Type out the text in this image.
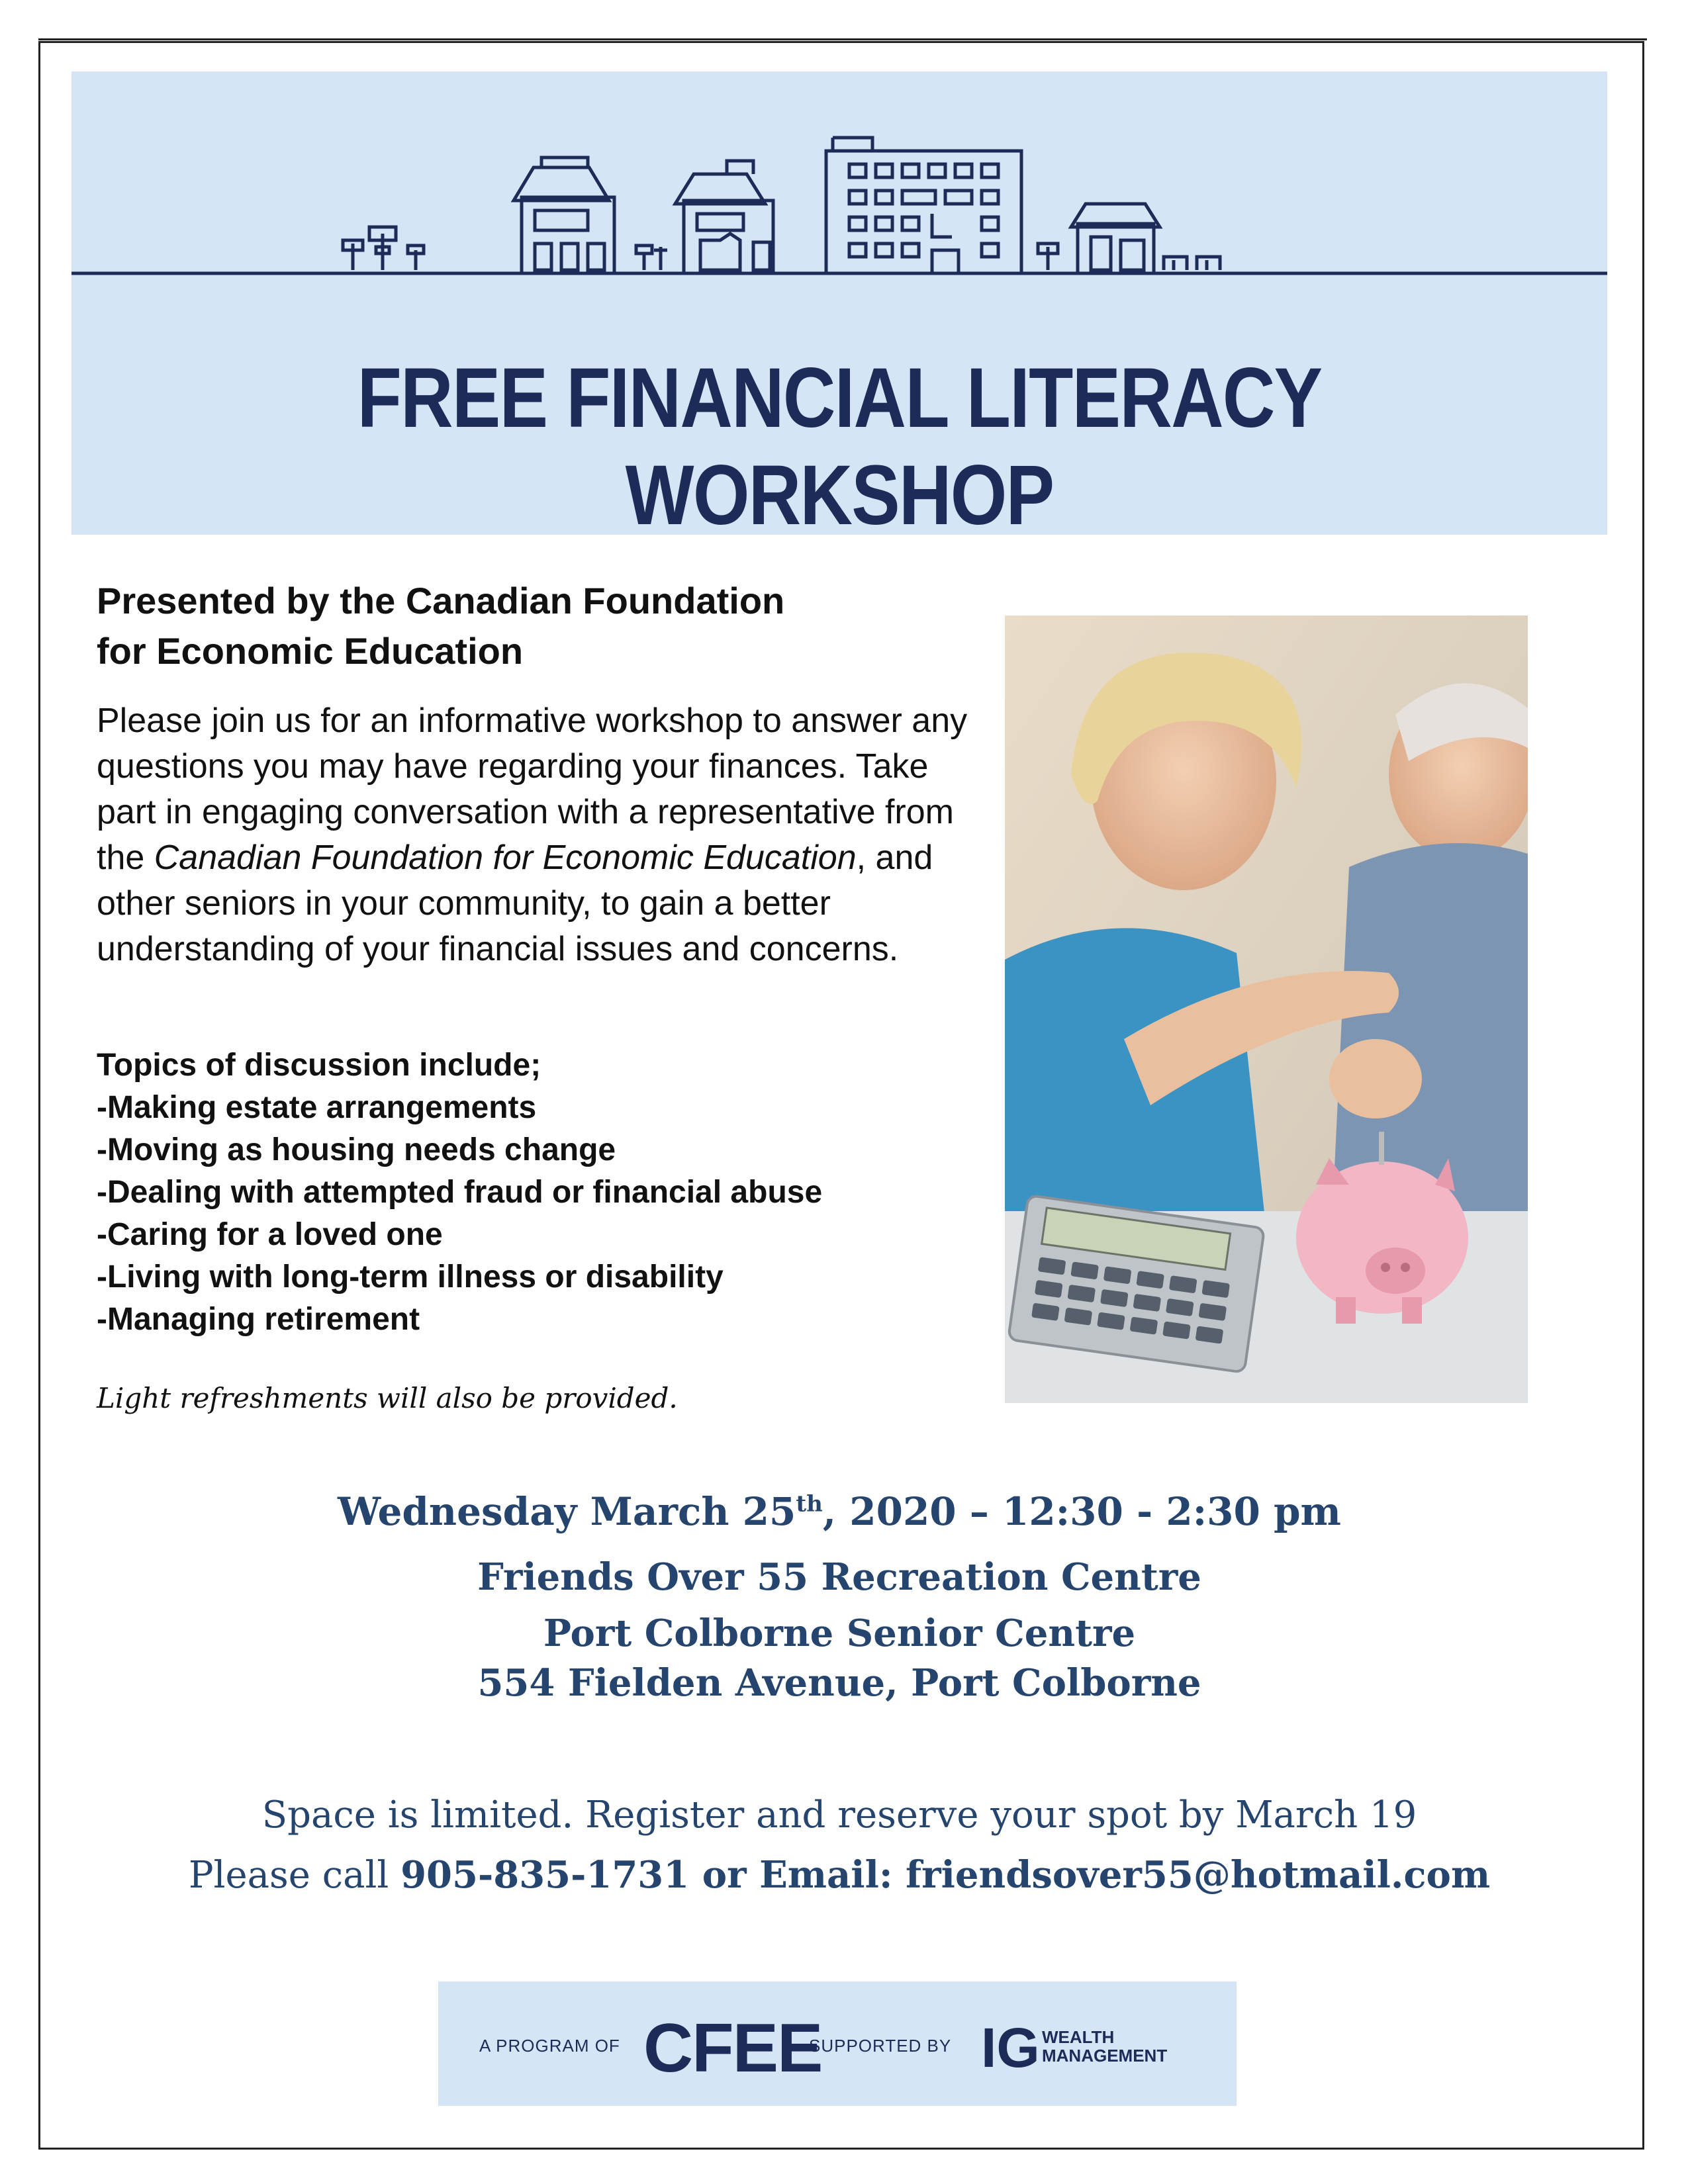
FREE FINANCIAL LITERACY WORKSHOP
Presented by the Canadian Foundation
for Economic Education
Please join us for an informative workshop to answer any questions you may have regarding your finances. Take part in engaging conversation with a representative from the Canadian Foundation for Economic Education, and other seniors in your community, to gain a better understanding of your financial issues and concerns.
Topics of discussion include;
-Making estate arrangements
-Moving as housing needs change
-Dealing with attempted fraud or financial abuse
-Caring for a loved one
-Living with long-term illness or disability
-Managing retirement
Light refreshments will also be provided.
Wednesday March 25th, 2020 – 12:30 - 2:30 pm
Friends Over 55 Recreation Centre
Port Colborne Senior Centre
554 Fielden Avenue, Port Colborne
Space is limited. Register and reserve your spot by March 19
Please call 905-835-1731 or Email: friendsover55@hotmail.com
A PROGRAM OF CFEE
SUPPORTED BY IG WEALTH
MANAGEMENT
